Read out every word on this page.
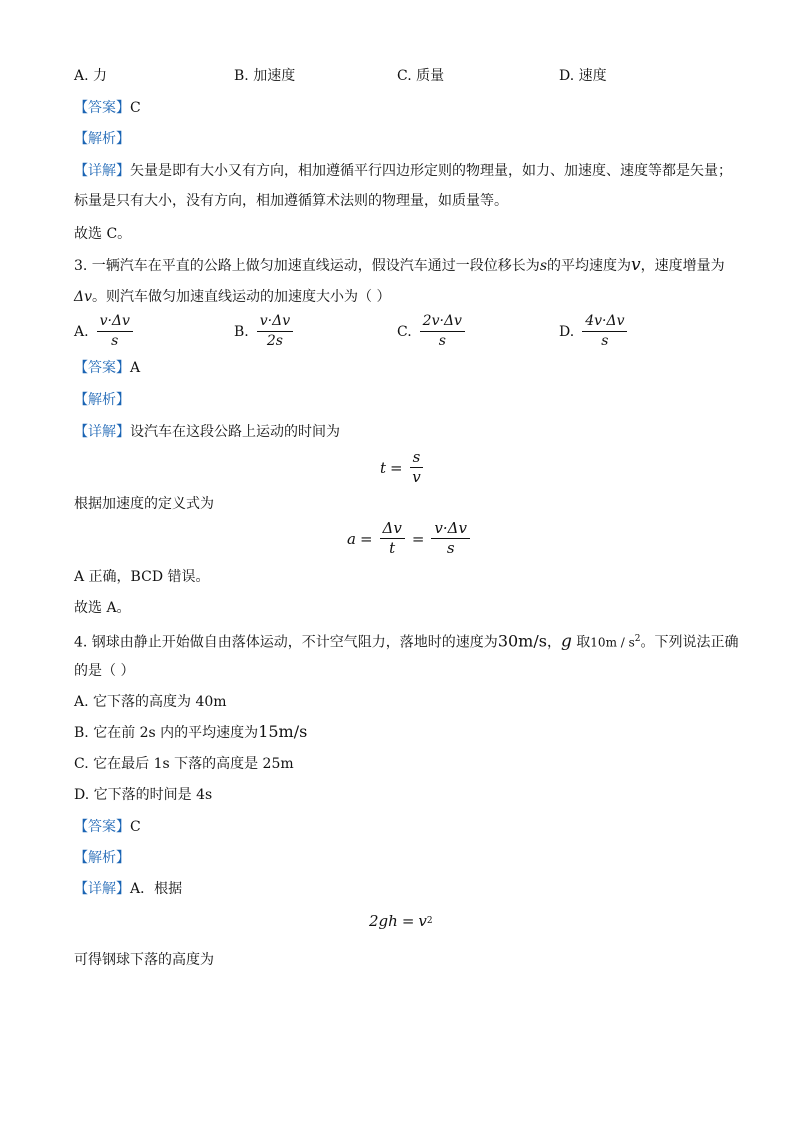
A. 力	B. 加速度	C. 质量	D. 速度
【答案】C
【解析】
【详解】矢量是即有大小又有方向，相加遵循平行四边形定则的物理量，如力、加速度、速度等都是矢量；
标量是只有大小，没有方向，相加遵循算术法则的物理量，如质量等。
故选 C。
3. 一辆汽车在平直的公路上做匀加速直线运动，假设汽车通过一段位移长为s的平均速度为v，速度增量为
Δv。则汽车做匀加速直线运动的加速度大小为（ ）
A. $\frac{v\cdot\Delta v}{s}$	B. $\frac{v\cdot\Delta v}{2s}$	C. $\frac{2v\cdot\Delta v}{s}$	D. $\frac{4v\cdot\Delta v}{s}$
【答案】A
【解析】
【详解】设汽车在这段公路上运动的时间为
$t = \frac{s}{v}$
根据加速度的定义式为
$a = \frac{\Delta v}{t} = \frac{v\cdot\Delta v}{s}$
A 正确，BCD 错误。
故选 A。
4. 钢球由静止开始做自由落体运动，不计空气阻力，落地时的速度为30m/s，g 取$10m / s^2$。下列说法正确
的是（ ）
A. 它下落的高度为 40m
B. 它在前 2s 内的平均速度为15m/s
C. 它在最后 1s 下落的高度是 25m
D. 它下落的时间是 4s
【答案】C
【解析】
【详解】A．根据
2gh = v 2
可得钢球下落的高度为
